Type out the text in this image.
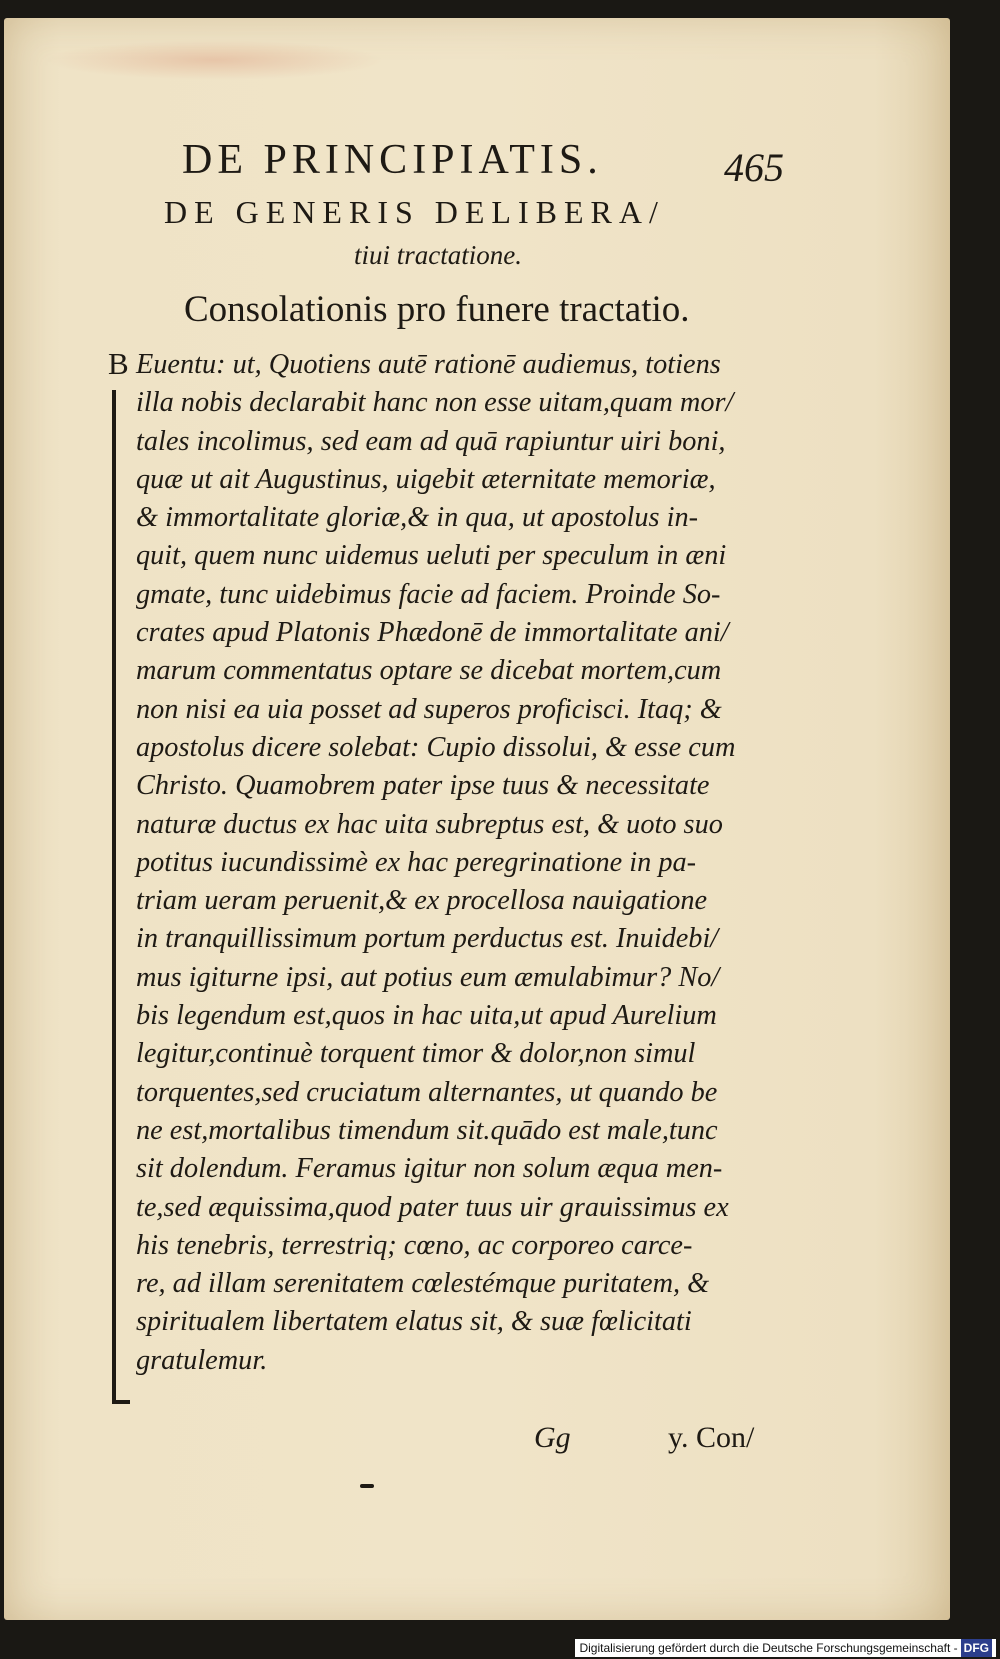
DE PRINCIPIATIS.	465
DE GENERIS DELIBERA/
tiui tractatione.
Consolationis pro funere tractatio.
B Euentu: ut, Quotiens autē rationē audiemus, totiens
illa nobis declarabit hanc non esse uitam,quam mor/
tales incolimus, sed eam ad quā rapiuntur uiri boni,
quæ ut ait Augustinus, uigebit æternitate memoriæ,
& immortalitate gloriæ,& in qua, ut apostolus in-
quit, quem nunc uidemus ueluti per speculum in æni
gmate, tunc uidebimus facie ad faciem. Proinde So-
crates apud Platonis Phædonē de immortalitate ani/
marum commentatus optare se dicebat mortem,cum
non nisi ea uia posset ad superos proficisci. Itaq; &
apostolus dicere solebat: Cupio dissolui, & esse cum
Christo. Quamobrem pater ipse tuus & necessitate
naturæ ductus ex hac uita subreptus est, & uoto suo
potitus iucundissimè ex hac peregrinatione in pa-
triam ueram peruenit,& ex procellosa nauigatione
in tranquillissimum portum perductus est. Inuidebi/
mus igiturne ipsi, aut potius eum æmulabimur? No/
bis legendum est,quos in hac uita,ut apud Aurelium
legitur,continuè torquent timor & dolor,non simul
torquentes,sed cruciatum alternantes, ut quando be
ne est,mortalibus timendum sit.quādo est male,tunc
sit dolendum. Feramus igitur non solum æqua men-
te,sed æquissima,quod pater tuus uir grauissimus ex
his tenebris, terrestriq; cœno, ac corporeo carce-
re, ad illam serenitatem cœlestémque puritatem, &
spiritualem libertatem elatus sit, & suæ fœlicitati
gratulemur.
Gg	y. Con/
Digitalisierung gefördert durch die Deutsche Forschungsgemeinschaft - DFG
